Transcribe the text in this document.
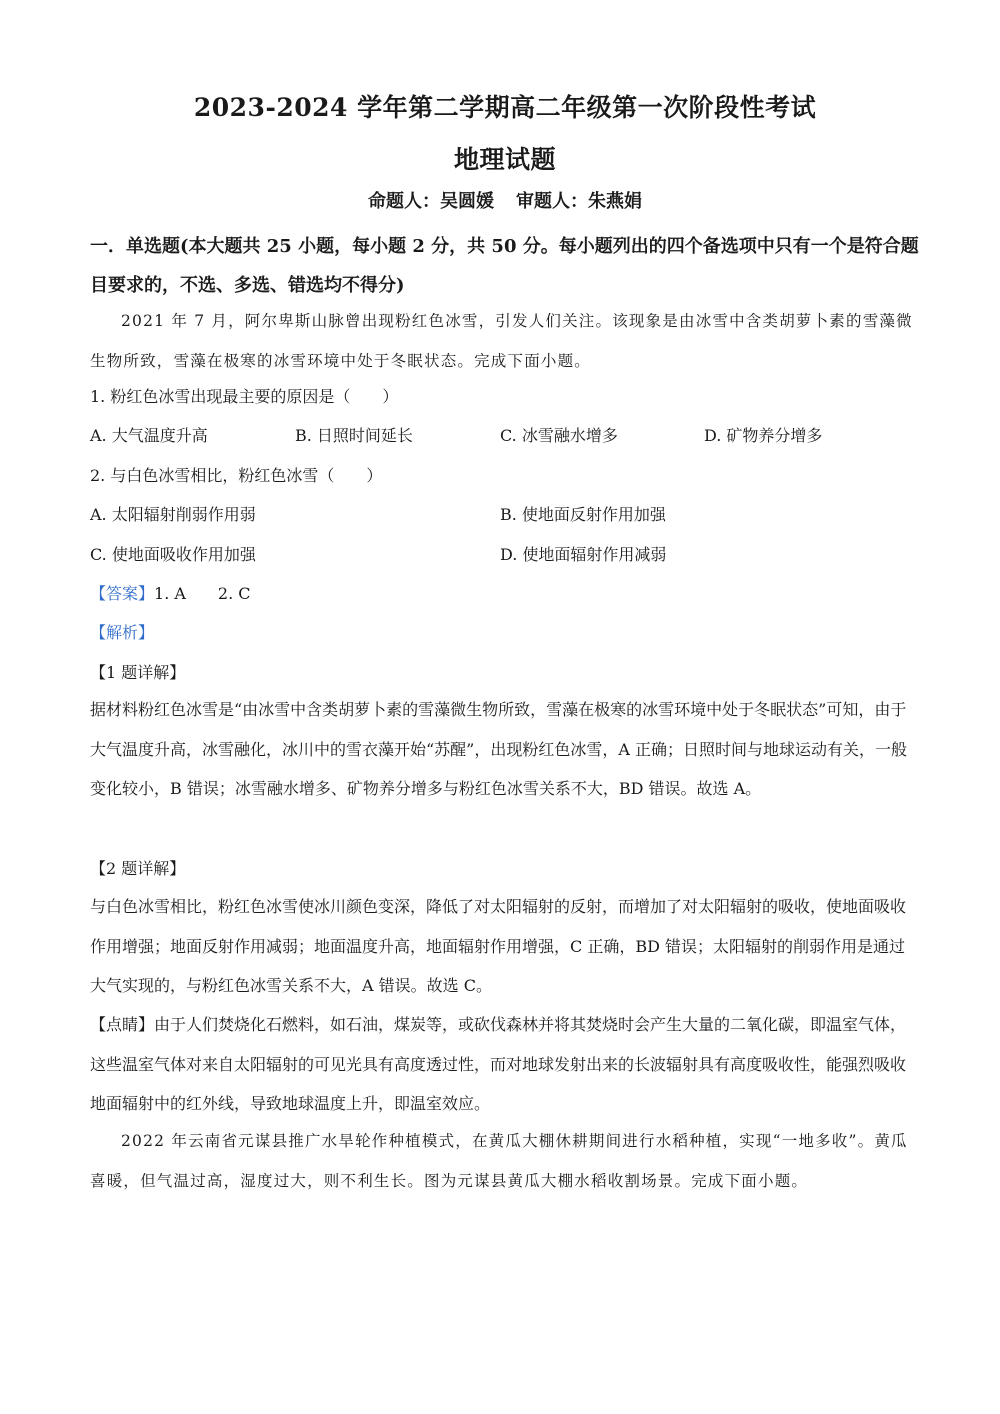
2023-2024 学年第二学期高二年级第一次阶段性考试
地理试题
命题人：吴圆媛 审题人：朱燕娟
一．单选题(本大题共 25 小题，每小题 2 分，共 50 分。每小题列出的四个备选项中只有一个是符合题目要求的，不选、多选、错选均不得分)
2021 年 7 月，阿尔卑斯山脉曾出现粉红色冰雪，引发人们关注。该现象是由冰雪中含类胡萝卜素的雪藻微生物所致，雪藻在极寒的冰雪环境中处于冬眠状态。完成下面小题。
1. 粉红色冰雪出现最主要的原因是（　　）
A. 大气温度升高	B. 日照时间延长	C. 冰雪融水增多	D. 矿物养分增多
2. 与白色冰雪相比，粉红色冰雪（　　）
A. 太阳辐射削弱作用弱	B. 使地面反射作用加强
C. 使地面吸收作用加强	D. 使地面辐射作用减弱
【答案】1. A　　2. C
【解析】
【1 题详解】
据材料粉红色冰雪是“由冰雪中含类胡萝卜素的雪藻微生物所致，雪藻在极寒的冰雪环境中处于冬眠状态”可知，由于大气温度升高，冰雪融化，冰川中的雪衣藻开始“苏醒”，出现粉红色冰雪，A 正确；日照时间与地球运动有关，一般变化较小，B 错误；冰雪融水增多、矿物养分增多与粉红色冰雪关系不大，BD 错误。故选 A。
【2 题详解】
与白色冰雪相比，粉红色冰雪使冰川颜色变深，降低了对太阳辐射的反射，而增加了对太阳辐射的吸收，使地面吸收作用增强；地面反射作用减弱；地面温度升高，地面辐射作用增强，C 正确，BD 错误；太阳辐射的削弱作用是通过大气实现的，与粉红色冰雪关系不大，A 错误。故选 C。
【点睛】由于人们焚烧化石燃料，如石油，煤炭等，或砍伐森林并将其焚烧时会产生大量的二氧化碳，即温室气体，这些温室气体对来自太阳辐射的可见光具有高度透过性，而对地球发射出来的长波辐射具有高度吸收性，能强烈吸收地面辐射中的红外线，导致地球温度上升，即温室效应。
2022 年云南省元谋县推广水旱轮作种植模式，在黄瓜大棚休耕期间进行水稻种植，实现“一地多收”。黄瓜喜暖，但气温过高，湿度过大，则不利生长。图为元谋县黄瓜大棚水稻收割场景。完成下面小题。
